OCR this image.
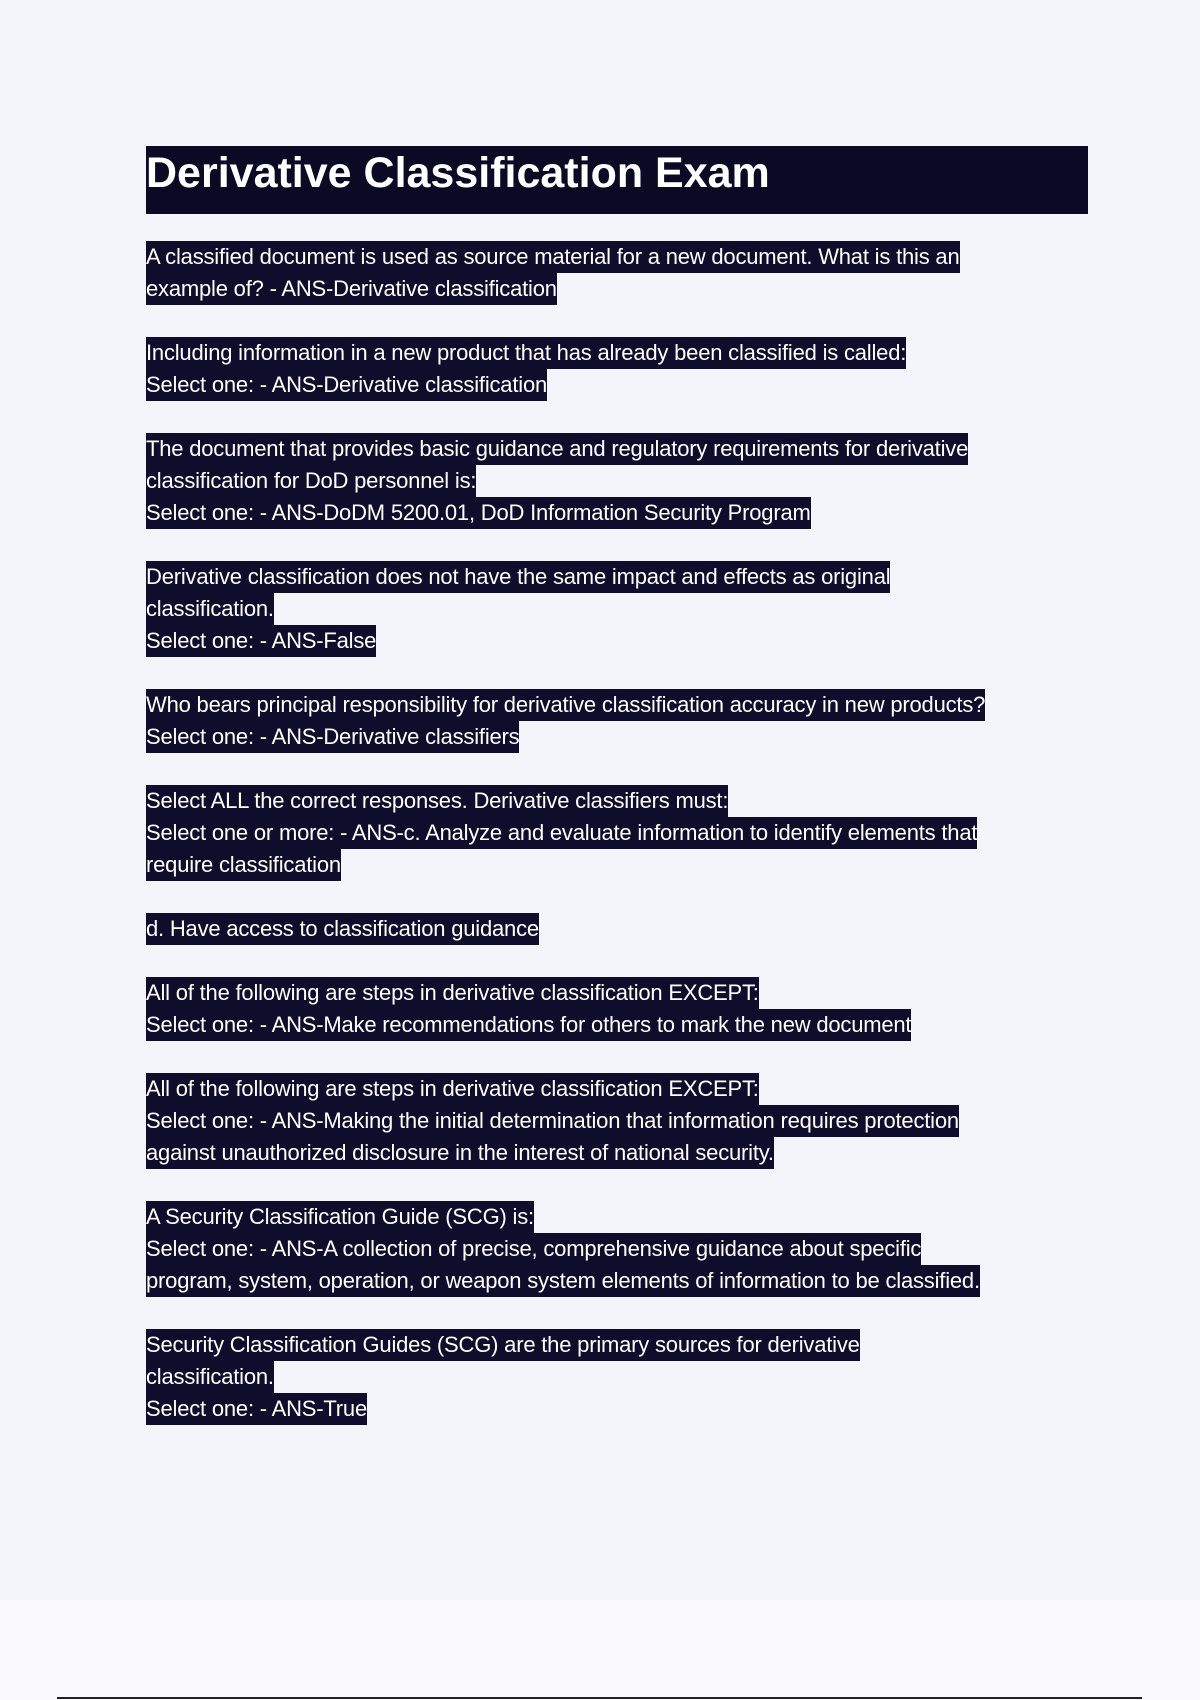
Derivative Classification Exam
A classified document is used as source material for a new document. What is this an
example of? - ANS-Derivative classification
Including information in a new product that has already been classified is called:
Select one: - ANS-Derivative classification
The document that provides basic guidance and regulatory requirements for derivative
classification for DoD personnel is:
Select one: - ANS-DoDM 5200.01, DoD Information Security Program
Derivative classification does not have the same impact and effects as original
classification.
Select one: - ANS-False
Who bears principal responsibility for derivative classification accuracy in new products?
Select one: - ANS-Derivative classifiers
Select ALL the correct responses. Derivative classifiers must:
Select one or more: - ANS-c. Analyze and evaluate information to identify elements that
require classification
d. Have access to classification guidance
All of the following are steps in derivative classification EXCEPT:
Select one: - ANS-Make recommendations for others to mark the new document
All of the following are steps in derivative classification EXCEPT:
Select one: - ANS-Making the initial determination that information requires protection
against unauthorized disclosure in the interest of national security.
A Security Classification Guide (SCG) is:
Select one: - ANS-A collection of precise, comprehensive guidance about specific
program, system, operation, or weapon system elements of information to be classified.
Security Classification Guides (SCG) are the primary sources for derivative
classification.
Select one: - ANS-True
